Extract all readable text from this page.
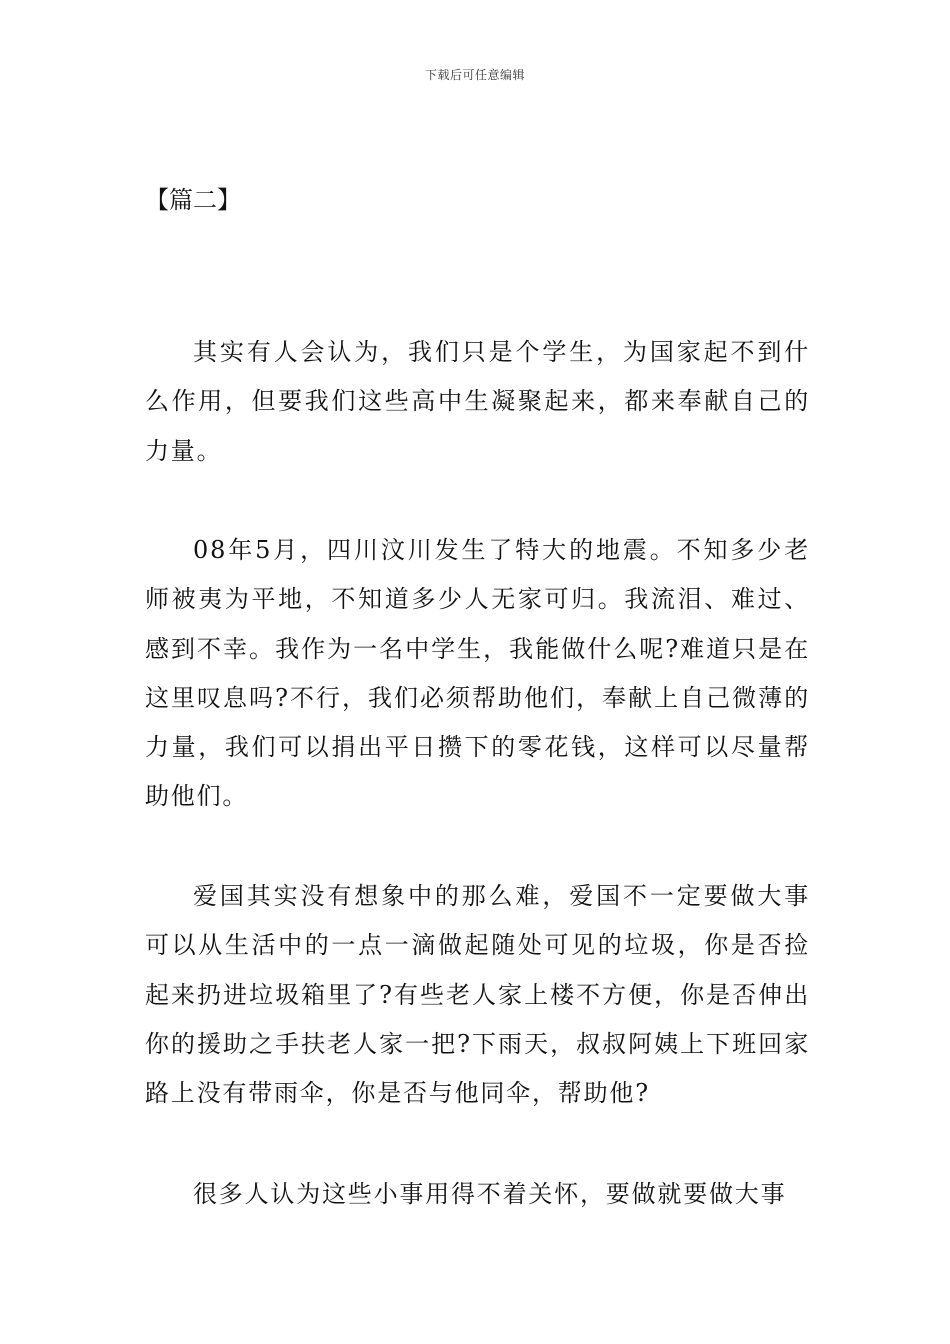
下载后可任意编辑
【篇二】

其实有人会认为，我们只是个学生，为国家起不到什么作用，但要我们这些高中生凝聚起来，都来奉献自己的力量。

08年5月，四川汶川发生了特大的地震。不知多少老师被夷为平地，不知道多少人无家可归。我流泪、难过、感到不幸。我作为一名中学生，我能做什么呢?难道只是在这里叹息吗?不行，我们必须帮助他们，奉献上自己微薄的力量，我们可以捐出平日攒下的零花钱，这样可以尽量帮助他们。

爱国其实没有想象中的那么难，爱国不一定要做大事可以从生活中的一点一滴做起随处可见的垃圾，你是否捡起来扔进垃圾箱里了?有些老人家上楼不方便，你是否伸出你的援助之手扶老人家一把?下雨天，叔叔阿姨上下班回家路上没有带雨伞，你是否与他同伞，帮助他?

很多人认为这些小事用得不着关怀，要做就要做大事
